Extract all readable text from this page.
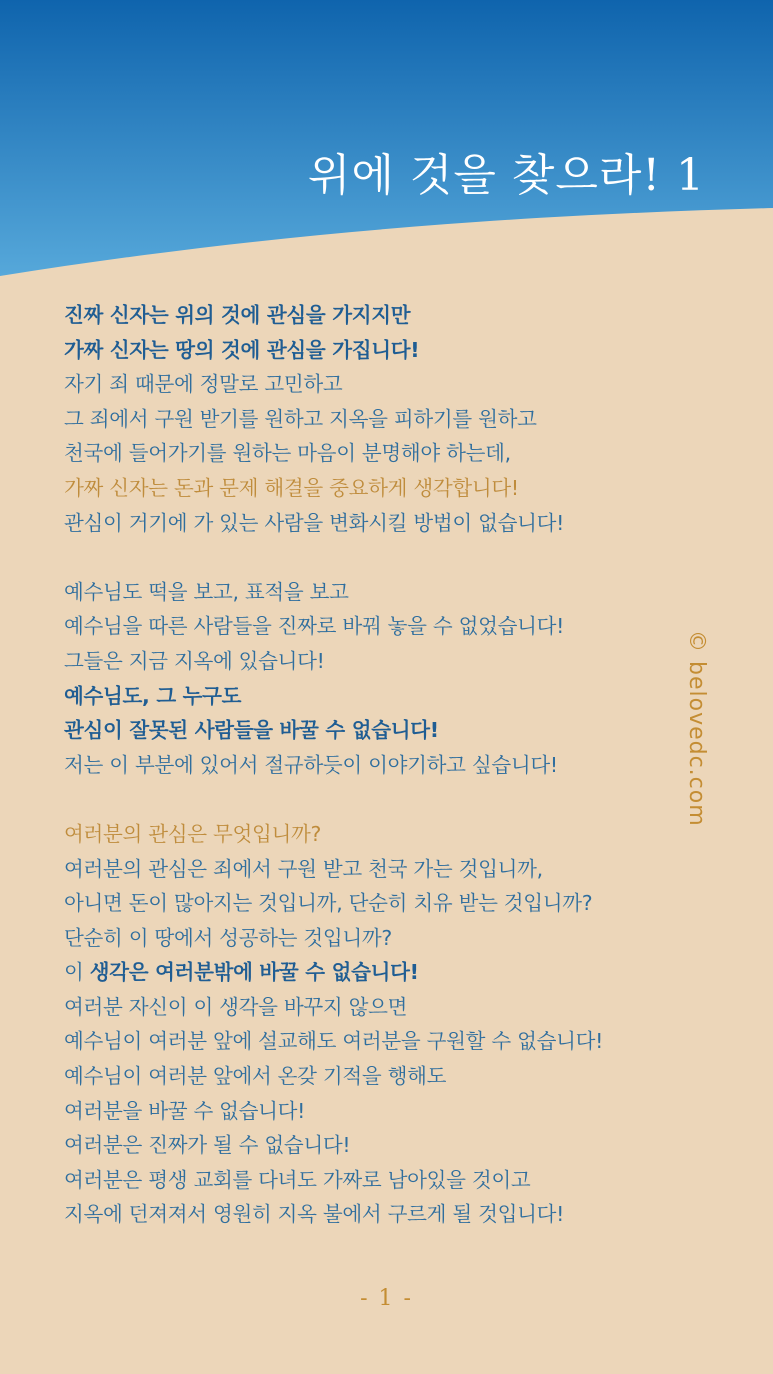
위에 것을 찾으라! 1
진짜 신자는 위의 것에 관심을 가지지만
가짜 신자는 땅의 것에 관심을 가집니다!
자기 죄 때문에 정말로 고민하고
그 죄에서 구원 받기를 원하고 지옥을 피하기를 원하고
천국에 들어가기를 원하는 마음이 분명해야 하는데,
가짜 신자는 돈과 문제 해결을 중요하게 생각합니다!
관심이 거기에 가 있는 사람을 변화시킬 방법이 없습니다!
예수님도 떡을 보고, 표적을 보고
예수님을 따른 사람들을 진짜로 바꿔 놓을 수 없었습니다!
그들은 지금 지옥에 있습니다!
예수님도, 그 누구도
관심이 잘못된 사람들을 바꿀 수 없습니다!
저는 이 부분에 있어서 절규하듯이 이야기하고 싶습니다!
여러분의 관심은 무엇입니까?
여러분의 관심은 죄에서 구원 받고 천국 가는 것입니까,
아니면 돈이 많아지는 것입니까, 단순히 치유 받는 것입니까?
단순히 이 땅에서 성공하는 것입니까?
이 생각은 여러분밖에 바꿀 수 없습니다!
여러분 자신이 이 생각을 바꾸지 않으면
예수님이 여러분 앞에 설교해도 여러분을 구원할 수 없습니다!
예수님이 여러분 앞에서 온갖 기적을 행해도
여러분을 바꿀 수 없습니다!
여러분은 진짜가 될 수 없습니다!
여러분은 평생 교회를 다녀도 가짜로 남아있을 것이고
지옥에 던져져서 영원히 지옥 불에서 구르게 될 것입니다!
© belovedc.com
- 1 -
